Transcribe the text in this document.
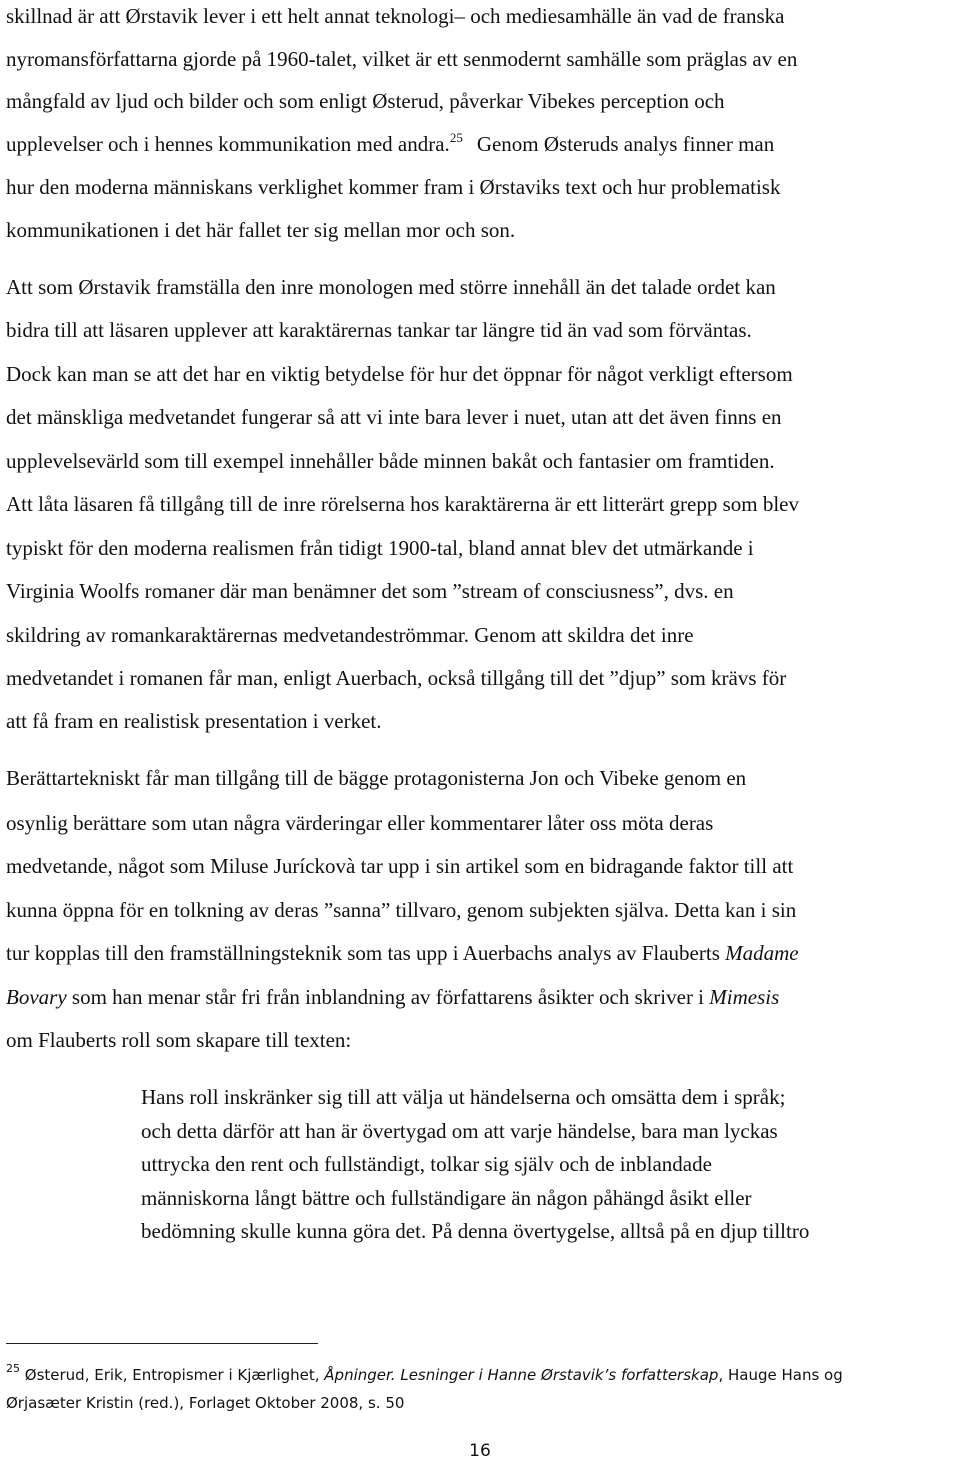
skillnad är att Ørstavik lever i ett helt annat teknologi– och mediesamhälle än vad de franska
nyromansförfattarna gjorde på 1960-talet, vilket är ett senmodernt samhälle som präglas av en
mångfald av ljud och bilder och som enligt Østerud, påverkar Vibekes perception och
upplevelser och i hennes kommunikation med andra.$^{25}$ Genom Østeruds analys finner man
hur den moderna människans verklighet kommer fram i Ørstaviks text och hur problematisk
kommunikationen i det här fallet ter sig mellan mor och son.
Att som Ørstavik framställa den inre monologen med större innehåll än det talade ordet kan
bidra till att läsaren upplever att karaktärernas tankar tar längre tid än vad som förväntas.
Dock kan man se att det har en viktig betydelse för hur det öppnar för något verkligt eftersom
det mänskliga medvetandet fungerar så att vi inte bara lever i nuet, utan att det även finns en
upplevelsevärld som till exempel innehåller både minnen bakåt och fantasier om framtiden.
Att låta läsaren få tillgång till de inre rörelserna hos karaktärerna är ett litterärt grepp som blev
typiskt för den moderna realismen från tidigt 1900-tal, bland annat blev det utmärkande i
Virginia Woolfs romaner där man benämner det som ”stream of consciusness”, dvs. en
skildring av romankaraktärernas medvetandeströmmar. Genom att skildra det inre
medvetandet i romanen får man, enligt Auerbach, också tillgång till det ”djup” som krävs för
att få fram en realistisk presentation i verket.
Berättartekniskt får man tillgång till de bägge protagonisterna Jon och Vibeke genom en
osynlig berättare som utan några värderingar eller kommentarer låter oss möta deras
medvetande, något som Miluse Juríckovà tar upp i sin artikel som en bidragande faktor till att
kunna öppna för en tolkning av deras ”sanna” tillvaro, genom subjekten själva. Detta kan i sin
tur kopplas till den framställningsteknik som tas upp i Auerbachs analys av Flauberts Madame
Bovary som han menar står fri från inblandning av författarens åsikter och skriver i Mimesis
om Flauberts roll som skapare till texten:
Hans roll inskränker sig till att välja ut händelserna och omsätta dem i språk;
och detta därför att han är övertygad om att varje händelse, bara man lyckas
uttrycka den rent och fullständigt, tolkar sig själv och de inblandade
människorna långt bättre och fullständigare än någon påhängd åsikt eller
bedömning skulle kunna göra det. På denna övertygelse, alltså på en djup tilltro
$^{25}$ Østerud, Erik, Entropismer i Kjærlighet, Åpninger. Lesninger i Hanne Ørstavik’s forfatterskap, Hauge Hans og
Ørjasæter Kristin (red.), Forlaget Oktober 2008, s. 50
16
